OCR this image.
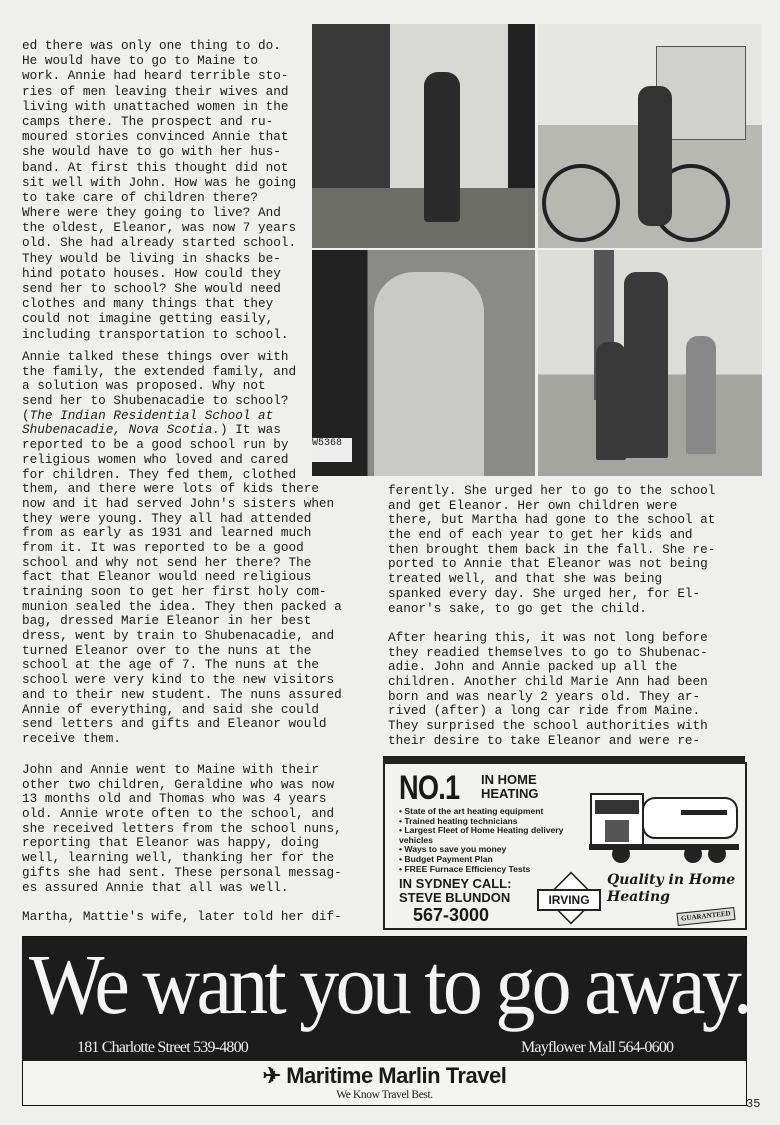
ed there was only one thing to do.
He would have to go to Maine to
work. Annie had heard terrible sto-
ries of men leaving their wives and
living with unattached women in the
camps there. The prospect and ru-
moured stories convinced Annie that
she would have to go with her hus-
band. At first this thought did not
sit well with John. How was he going
to take care of children there?
Where were they going to live? And
the oldest, Eleanor, was now 7 years
old. She had already started school.
They would be living in shacks be-
hind potato houses. How could they
send her to school? She would need
clothes and many things that they
could not imagine getting easily,
including transportation to school.
Annie talked these things over with
the family, the extended family, and
a solution was proposed. Why not
send her to Shubenacadie to school?
(The Indian Residential School at
Shubenacadie, Nova Scotia.) It was
reported to be a good school run by
religious women who loved and cared
for children. They fed them, clothed
them, and there were lots of kids there
now and it had served John's sisters when
they were young. They all had attended
from as early as 1931 and learned much
from it. It was reported to be a good
school and why not send her there? The
fact that Eleanor would need religious
training soon to get her first holy com-
munion sealed the idea. They then packed a
bag, dressed Marie Eleanor in her best
dress, went by train to Shubenacadie, and
turned Eleanor over to the nuns at the
school at the age of 7. The nuns at the
school were very kind to the new visitors
and to their new student. The nuns assured
Annie of everything, and said she could
send letters and gifts and Eleanor would
receive them.
John and Annie went to Maine with their
other two children, Geraldine who was now
13 months old and Thomas who was 4 years
old. Annie wrote often to the school, and
she received letters from the school nuns,
reporting that Eleanor was happy, doing
well, learning well, thanking her for the
gifts she had sent. These personal messag-
es assured Annie that all was well.

Martha, Mattie's wife, later told her dif-
ferently. She urged her to go to the school
and get Eleanor. Her own children were
there, but Martha had gone to the school at
the end of each year to get her kids and
then brought them back in the fall. She re-
ported to Annie that Eleanor was not being
treated well, and that she was being
spanked every day. She urged her, for El-
eanor's sake, to go get the child.

After hearing this, it was not long before
they readied themselves to go to Shubenac-
adie. John and Annie packed up all the
children. Another child Marie Ann had been
born and was nearly 2 years old. They ar-
rived (after) a long car ride from Maine.
They surprised the school authorities with
their desire to take Eleanor and were re-
W5368
NO.1 IN HOME
HEATING
• State of the art heating equipment
• Trained heating technicians
• Largest Fleet of Home Heating delivery vehicles
• Ways to save you money
• Budget Payment Plan
• FREE Furnace Efficiency Tests
IN SYDNEY CALL:
STEVE BLUNDON
567-3000
IRVING
Quality in Home
Heating
GUARANTEED
We want you to go away.
181 Charlotte Street 539-4800	Mayflower Mall 564-0600
✈ Maritime Marlin Travel
We Know Travel Best.
35
